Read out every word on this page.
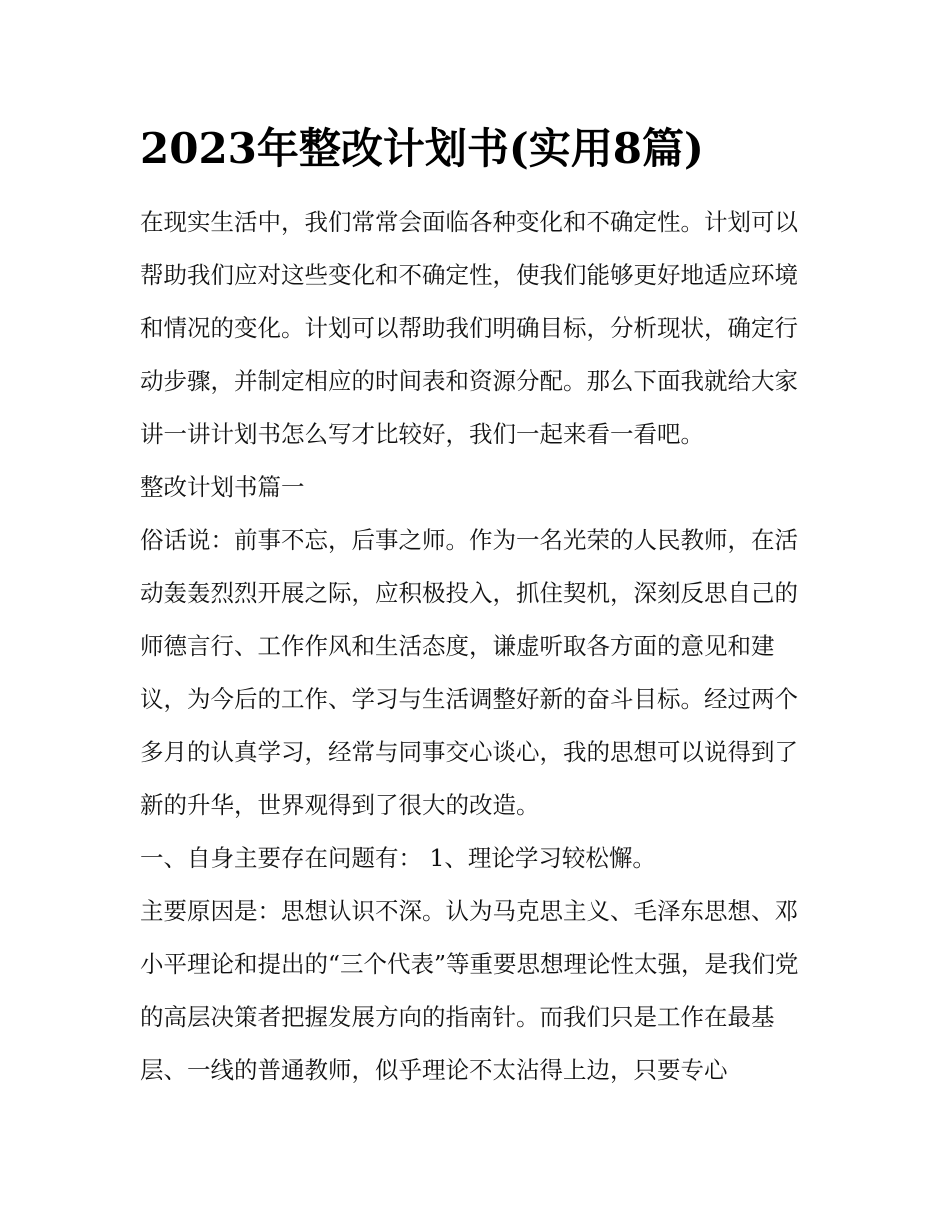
2023年整改计划书(实用8篇)

在现实生活中，我们常常会面临各种变化和不确定性。计划可以帮助我们应对这些变化和不确定性，使我们能够更好地适应环境和情况的变化。计划可以帮助我们明确目标，分析现状，确定行动步骤，并制定相应的时间表和资源分配。那么下面我就给大家讲一讲计划书怎么写才比较好，我们一起来看一看吧。

整改计划书篇一

俗话说：前事不忘，后事之师。作为一名光荣的人民教师，在活动轰轰烈烈开展之际，应积极投入，抓住契机，深刻反思自己的师德言行、工作作风和生活态度，谦虚听取各方面的意见和建议，为今后的工作、学习与生活调整好新的奋斗目标。经过两个多月的认真学习，经常与同事交心谈心，我的思想可以说得到了新的升华，世界观得到了很大的改造。

一、自身主要存在问题有： 1、理论学习较松懈。

主要原因是：思想认识不深。认为马克思主义、毛泽东思想、邓小平理论和提出的“三个代表”等重要思想理论性太强，是我们党的高层决策者把握发展方向的指南针。而我们只是工作在最基层、一线的普通教师，似乎理论不太沾得上边，只要专心
